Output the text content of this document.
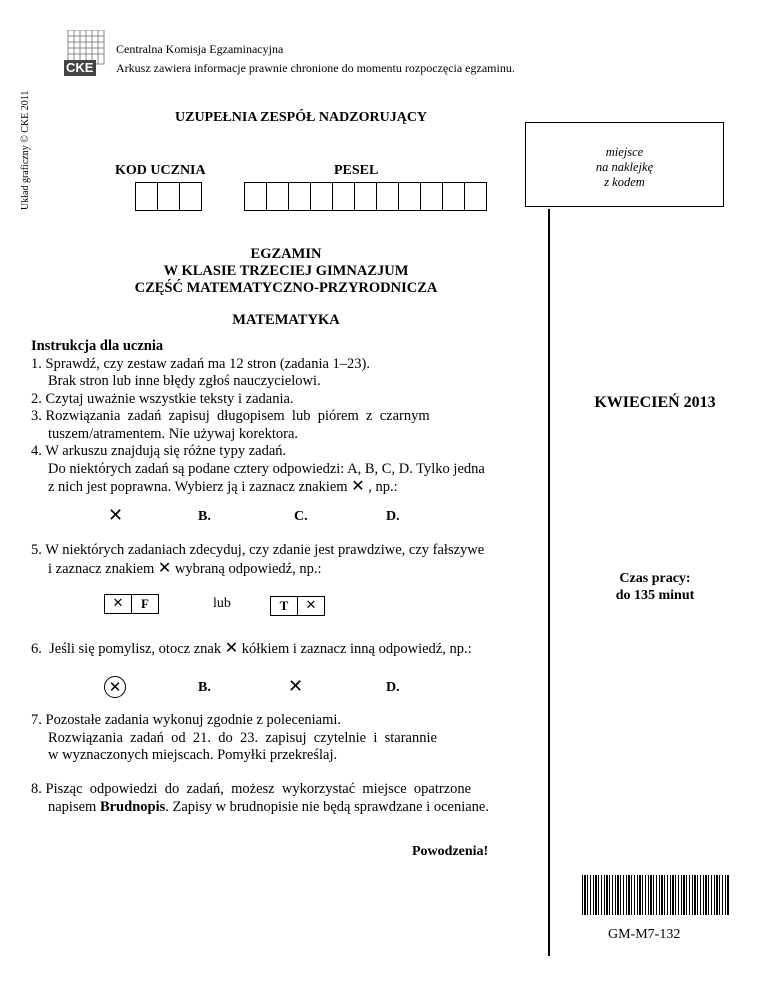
CKE
Centralna Komisja Egzaminacyjna
Arkusz zawiera informacje prawnie chronione do momentu rozpoczęcia egzaminu.
Układ graficzny © CKE 2011	UZUPEŁNIA ZESPÓŁ NADZORUJĄCY
KOD UCZNIA	PESEL
miejsce
na naklejkę
z kodem
EGZAMIN
W KLASIE TRZECIEJ GIMNAZJUM
CZĘŚĆ MATEMATYCZNO-PRZYRODNICZA
MATEMATYKA
KWIECIEŃ 2013
Czas pracy:
do 135 minut
GM-M7-132
Instrukcja dla ucznia
1. Sprawdź, czy zestaw zadań ma 12 stron (zadania 1–23).
Brak stron lub inne błędy zgłoś nauczycielowi.
2. Czytaj uważnie wszystkie teksty i zadania.
3. Rozwiązania  zadań  zapisuj  długopisem  lub  piórem  z  czarnym
tuszem/atramentem. Nie używaj korektora.
4. W arkuszu znajdują się różne typy zadań.
Do niektórych zadań są podane cztery odpowiedzi: A, B, C, D. Tylko jedna
z nich jest poprawna. Wybierz ją i zaznacz znakiem ✕ , np.:
✕	B.	C.	D.
5. W niektórych zadaniach zdecyduj, czy zdanie jest prawdziwe, czy fałszywe
i zaznacz znakiem ✕ wybraną odpowiedź, np.:
✕	F	lub	T	✕
6.  Jeśli się pomylisz, otocz znak ✕ kółkiem i zaznacz inną odpowiedź, np.:
✕	B.	✕	D.
7. Pozostałe zadania wykonuj zgodnie z poleceniami.
Rozwiązania  zadań  od  21.  do  23.  zapisuj  czytelnie  i  starannie
w wyznaczonych miejscach. Pomyłki przekreślaj.
8. Pisząc  odpowiedzi  do  zadań,  możesz  wykorzystać  miejsce  opatrzone
napisem Brudnopis. Zapisy w brudnopisie nie będą sprawdzane i oceniane.
Powodzenia!
